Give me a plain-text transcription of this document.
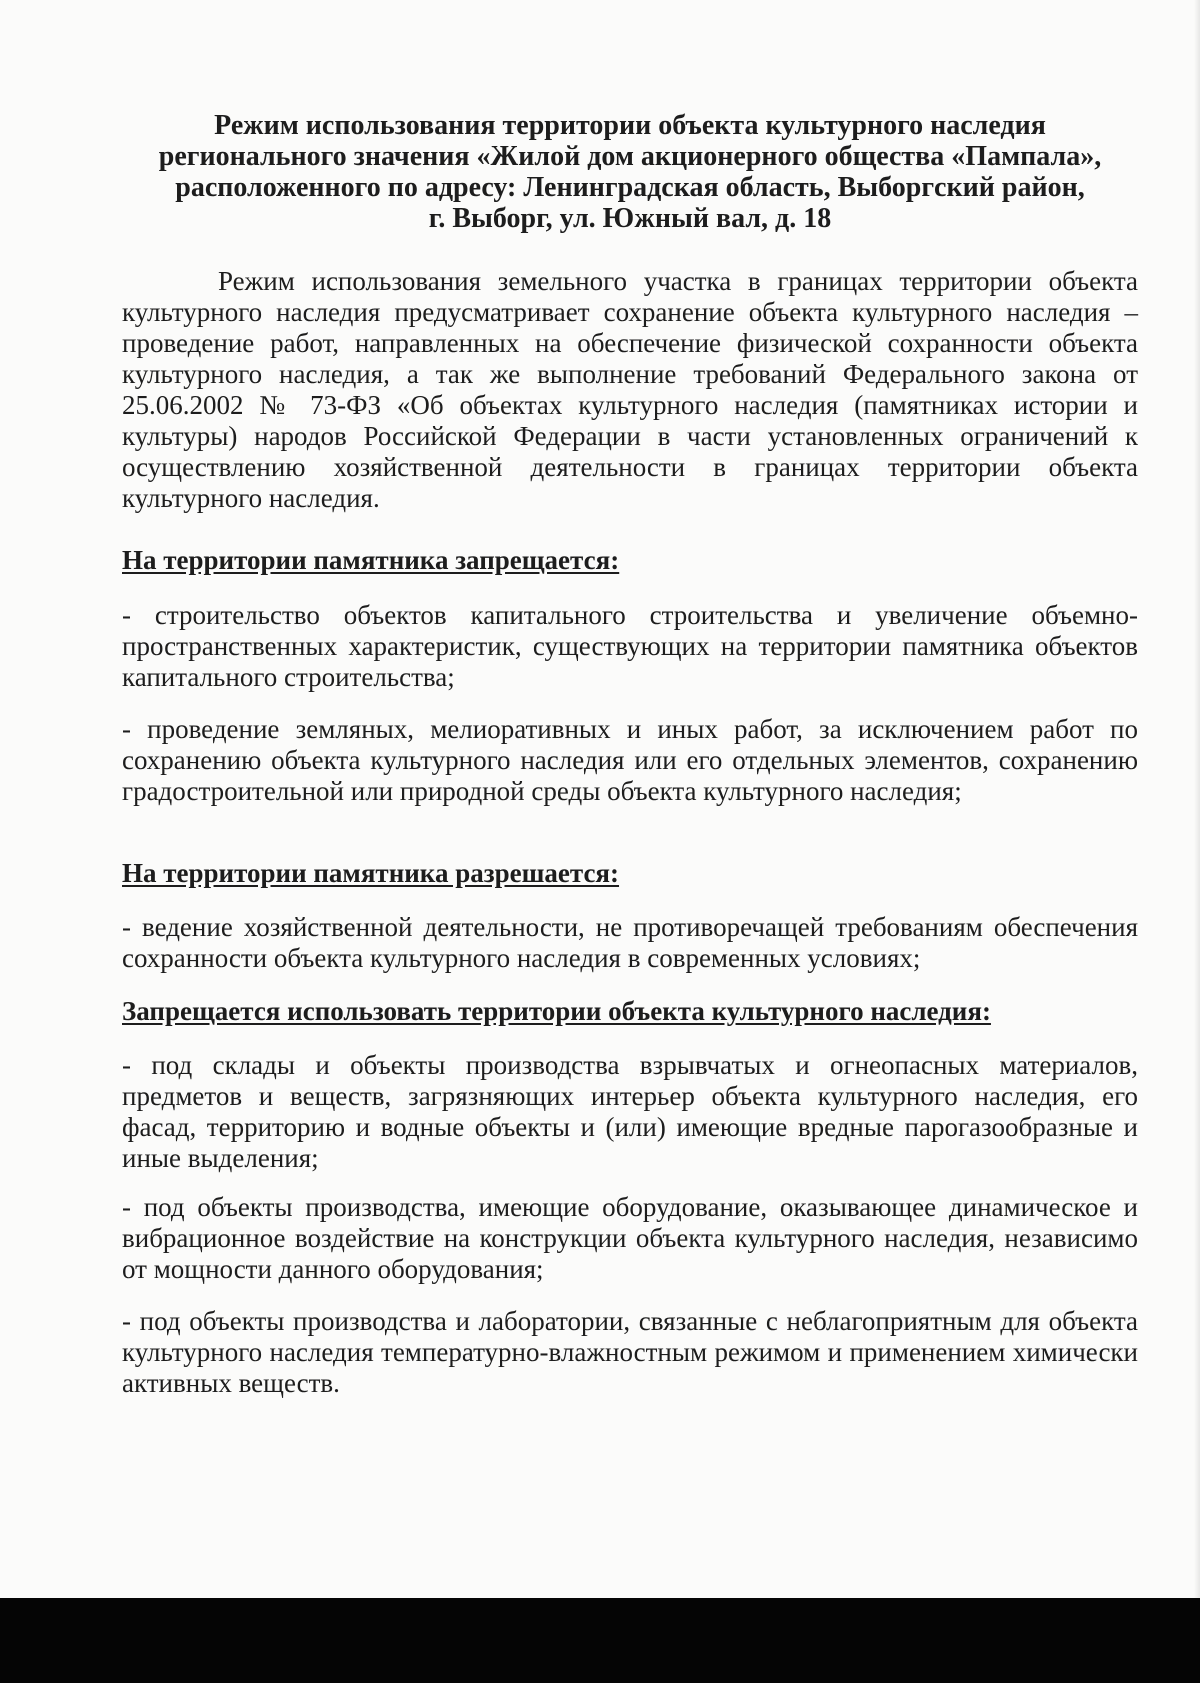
Режим использования территории объекта культурного наследия
регионального значения «Жилой дом акционерного общества «Пампала»,
расположенного по адресу: Ленинградская область, Выборгский район,
г. Выборг, ул. Южный вал, д. 18

Режим использования земельного участка в границах территории объекта культурного наследия предусматривает сохранение объекта культурного наследия – проведение работ, направленных на обеспечение физической сохранности объекта культурного наследия, а так же выполнение требований Федерального закона от 25.06.2002 № 73-ФЗ «Об объектах культурного наследия (памятниках истории и культуры) народов Российской Федерации в части установленных ограничений к осуществлению хозяйственной деятельности в границах территории объекта культурного наследия.

На территории памятника запрещается:

- строительство объектов капитального строительства и увеличение объемно-пространственных характеристик, существующих на территории памятника объектов капитального строительства;

- проведение земляных, мелиоративных и иных работ, за исключением работ по сохранению объекта культурного наследия или его отдельных элементов, сохранению градостроительной или природной среды объекта культурного наследия;

На территории памятника разрешается:

- ведение хозяйственной деятельности, не противоречащей требованиям обеспечения сохранности объекта культурного наследия в современных условиях;

Запрещается использовать территории объекта культурного наследия:

- под склады и объекты производства взрывчатых и огнеопасных материалов, предметов и веществ, загрязняющих интерьер объекта культурного наследия, его фасад, территорию и водные объекты и (или) имеющие вредные парогазообразные и иные выделения;

- под объекты производства, имеющие оборудование, оказывающее динамическое и вибрационное воздействие на конструкции объекта культурного наследия, независимо от мощности данного оборудования;

- под объекты производства и лаборатории, связанные с неблагоприятным для объекта культурного наследия температурно-влажностным режимом и применением химически активных веществ.
